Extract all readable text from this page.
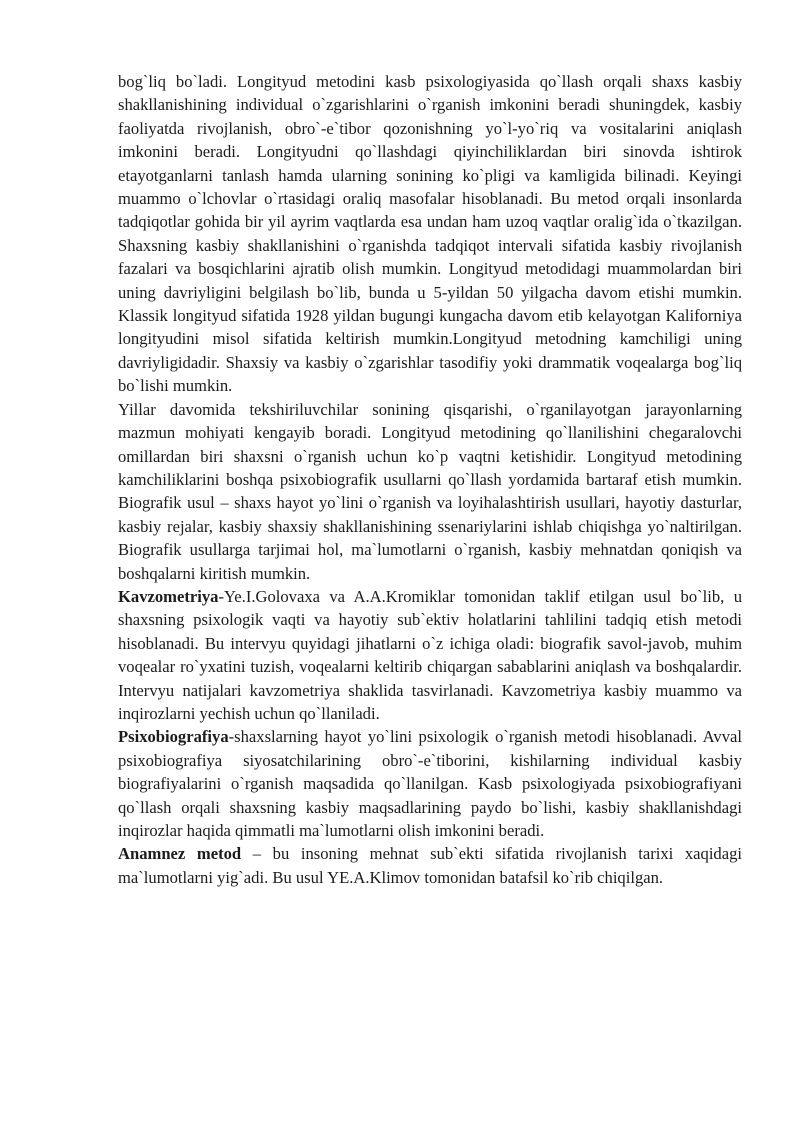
bog`liq bo`ladi. Longityud metodini kasb psixologiyasida qo`llash orqali shaxs kasbiy shakllanishining individual o`zgarishlarini o`rganish imkonini beradi shuningdek, kasbiy faoliyatda rivojlanish, obro`-e`tibor qozonishning yo`l-yo`riq va vositalarini aniqlash imkonini beradi. Longityudni qo`llashdagi qiyinchiliklardan biri sinovda ishtirok etayotganlarni tanlash hamda ularning sonining ko`pligi va kamligida bilinadi. Keyingi muammo o`lchovlar o`rtasidagi oraliq masofalar hisoblanadi. Bu metod orqali insonlarda tadqiqotlar gohida bir yil ayrim vaqtlarda esa undan ham uzoq vaqtlar oralig`ida o`tkazilgan. Shaxsning kasbiy shakllanishini o`rganishda tadqiqot intervali sifatida kasbiy rivojlanish fazalari va bosqichlarini ajratib olish mumkin. Longityud metodidagi muammolardan biri uning davriyligini belgilash bo`lib, bunda u 5-yildan 50 yilgacha davom etishi mumkin. Klassik longityud sifatida 1928 yildan bugungi kungacha davom etib kelayotgan Kaliforniya longityudini misol sifatida keltirish mumkin.Longityud metodning kamchiligi uning davriyligidadir. Shaxsiy va kasbiy o`zgarishlar tasodifiy yoki drammatik voqealarga bog`liq bo`lishi mumkin.

Yillar davomida tekshiriluvchilar sonining qisqarishi, o`rganilayotgan jarayonlarning mazmun mohiyati kengayib boradi. Longityud metodining qo`llanilishini chegaralovchi omillardan biri shaxsni o`rganish uchun ko`p vaqtni ketishidir. Longityud metodining kamchiliklarini boshqa psixobiografik usullarni qo`llash yordamida bartaraf etish mumkin. Biografik usul – shaxs hayot yo`lini o`rganish va loyihalashtirish usullari, hayotiy dasturlar, kasbiy rejalar, kasbiy shaxsiy shakllanishining ssenariylarini ishlab chiqishga yo`naltirilgan. Biografik usullarga tarjimai hol, ma`lumotlarni o`rganish, kasbiy mehnatdan qoniqish va boshqalarni kiritish mumkin.

Kavzometriya-Ye.I.Golovaxa va A.A.Kromiklar tomonidan taklif etilgan usul bo`lib, u shaxsning psixologik vaqti va hayotiy sub`ektiv holatlarini tahlilini tadqiq etish metodi hisoblanadi. Bu intervyu quyidagi jihatlarni o`z ichiga oladi: biografik savol-javob, muhim voqealar ro`yxatini tuzish, voqealarni keltirib chiqargan sabablarini aniqlash va boshqalardir. Intervyu natijalari kavzometriya shaklida tasvirlanadi. Kavzometriya kasbiy muammo va inqirozlarni yechish uchun qo`llaniladi.

Psixobiografiya-shaxslarning hayot yo`lini psixologik o`rganish metodi hisoblanadi. Avval psixobiografiya siyosatchilarining obro`-e`tiborini, kishilarning individual kasbiy biografiyalarini o`rganish maqsadida qo`llanilgan. Kasb psixologiyada psixobiografiyani qo`llash orqali shaxsning kasbiy maqsadlarining paydo bo`lishi, kasbiy shakllanishdagi inqirozlar haqida qimmatli ma`lumotlarni olish imkonini beradi.

Anamnez metod – bu insoning mehnat sub`ekti sifatida rivojlanish tarixi xaqidagi ma`lumotlarni yig`adi. Bu usul YE.A.Klimov tomonidan batafsil ko`rib chiqilgan.
